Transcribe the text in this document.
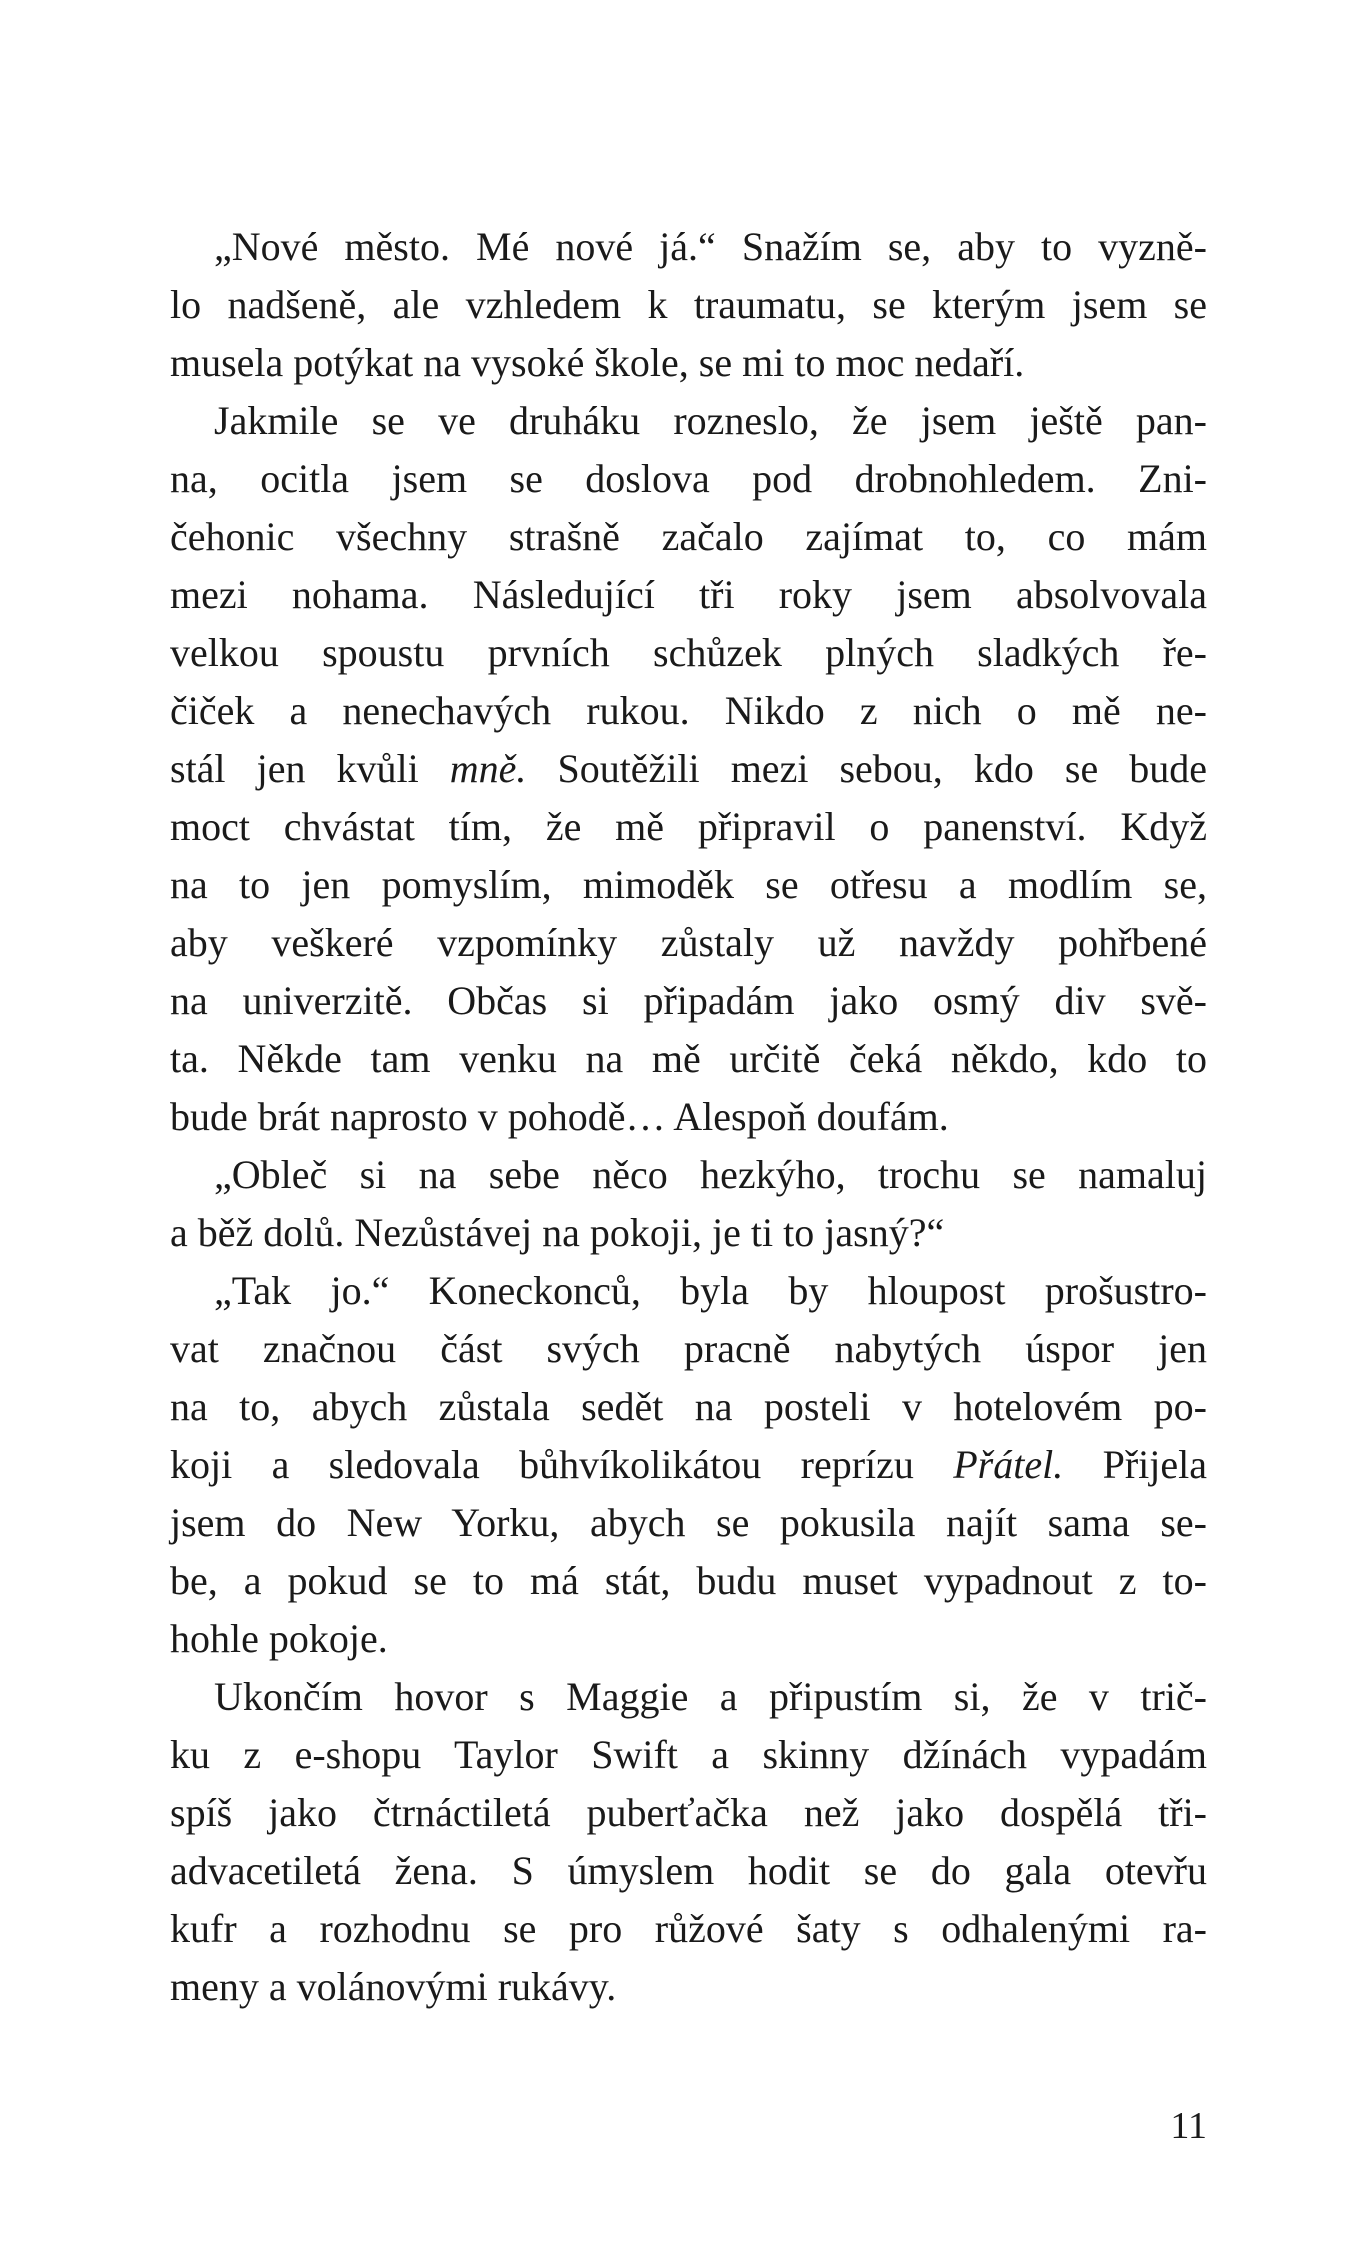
„Nové město. Mé nové já.“ Snažím se, aby to vyzně-
lo nadšeně, ale vzhledem k traumatu, se kterým jsem se
musela potýkat na vysoké škole, se mi to moc nedaří.
Jakmile se ve druháku rozneslo, že jsem ještě pan-
na, ocitla jsem se doslova pod drobnohledem. Zni-
čehonic všechny strašně začalo zajímat to, co mám
mezi nohama. Následující tři roky jsem absolvovala
velkou spoustu prvních schůzek plných sladkých ře-
čiček a nenechavých rukou. Nikdo z nich o mě ne-
stál jen kvůli mně. Soutěžili mezi sebou, kdo se bude
moct chvástat tím, že mě připravil o panenství. Když
na to jen pomyslím, mimoděk se otřesu a modlím se,
aby veškeré vzpomínky zůstaly už navždy pohřbené
na univerzitě. Občas si připadám jako osmý div svě-
ta. Někde tam venku na mě určitě čeká někdo, kdo to
bude brát naprosto v pohodě… Alespoň doufám.
„Obleč si na sebe něco hezkýho, trochu se namaluj
a běž dolů. Nezůstávej na pokoji, je ti to jasný?“
„Tak jo.“ Koneckonců, byla by hloupost prošustro-
vat značnou část svých pracně nabytých úspor jen
na to, abych zůstala sedět na posteli v hotelovém po-
koji a sledovala bůhvíkolikátou reprízu Přátel. Přijela
jsem do New Yorku, abych se pokusila najít sama se-
be, a pokud se to má stát, budu muset vypadnout z to-
hohle pokoje.
Ukončím hovor s Maggie a připustím si, že v trič-
ku z e-shopu Taylor Swift a skinny džínách vypadám
spíš jako čtrnáctiletá puberťačka než jako dospělá tři-
advacetiletá žena. S úmyslem hodit se do gala otevřu
kufr a rozhodnu se pro růžové šaty s odhalenými ra-
meny a volánovými rukávy.
11
